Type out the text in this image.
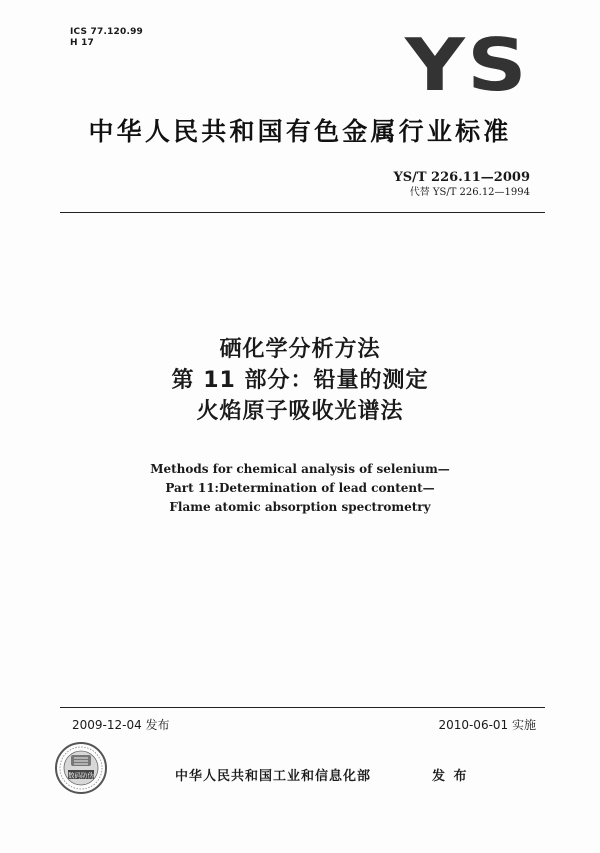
ICS 77.120.99
H 17	YS
中华人民共和国有色金属行业标准
YS/T 226.11—2009
代替 YS/T 226.12—1994
硒化学分析方法
第 11 部分：铅量的测定
火焰原子吸收光谱法
Methods for chemical analysis of selenium—
Part 11:Determination of lead content—
Flame atomic absorption spectrometry
2009-12-04 发布	2010-06-01 实施
数码防伪	中华人民共和国工业和信息化部	发 布
